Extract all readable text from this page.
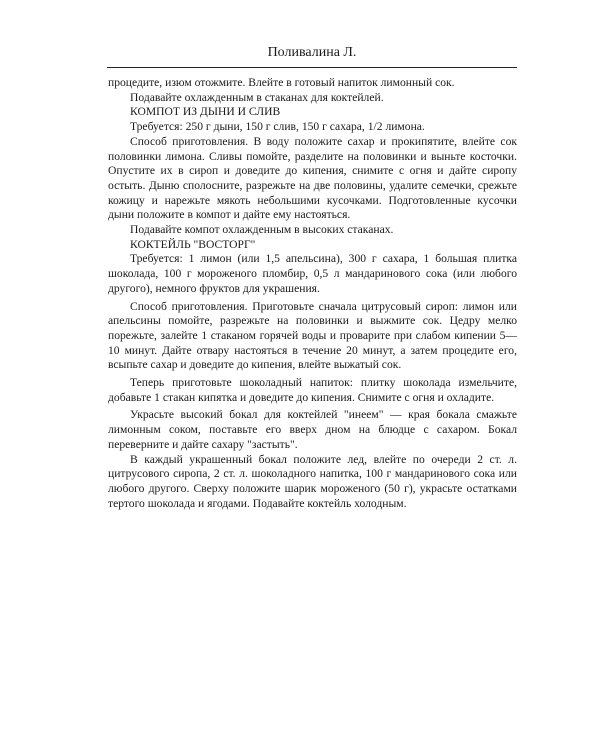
Поливалина Л.

процедите, изюм отожмите. Влейте в готовый напиток лимонный сок.

Подавайте охлажденным в стаканах для коктейлей.

КОМПОТ ИЗ ДЫНИ И СЛИВ

Требуется: 250 г дыни, 150 г слив, 150 г сахара, 1/2 лимона.

Способ приготовления. В воду положите сахар и прокипятите, влейте сок половинки лимона. Сливы помойте, разделите на половинки и выньте косточки. Опустите их в сироп и доведите до кипения, снимите с огня и дайте сиропу остыть. Дыню сполосните, разрежьте на две половины, удалите семечки, срежьте кожицу и нарежьте мякоть небольшими кусочками. Подготовленные кусочки дыни положите в компот и дайте ему настояться.

Подавайте компот охлажденным в высоких стаканах.

КОКТЕЙЛЬ "ВОСТОРГ"

Требуется: 1 лимон (или 1,5 апельсина), 300 г сахара, 1 большая плитка шоколада, 100 г мороженого пломбир, 0,5 л мандаринового сока (или любого другого), немного фруктов для украшения.

Способ приготовления. Приготовьте сначала цитрусовый сироп: лимон или апельсины помойте, разрежьте на половинки и выжмите сок. Цедру мелко порежьте, залейте 1 стаканом горячей воды и проварите при слабом кипении 5—10 минут. Дайте отвару настояться в течение 20 минут, а затем процедите его, всыпьте сахар и доведите до кипения, влейте выжатый сок.

Теперь приготовьте шоколадный напиток: плитку шоколада измельчите, добавьте 1 стакан кипятка и доведите до кипения. Снимите с огня и охладите.

Украсьте высокий бокал для коктейлей "инеем" — края бокала смажьте лимонным соком, поставьте его вверх дном на блюдце с сахаром. Бокал переверните и дайте сахару "застыть".

В каждый украшенный бокал положите лед, влейте по очереди 2 ст. л. цитрусового сиропа, 2 ст. л. шоколадного напитка, 100 г мандаринового сока или любого другого. Сверху положите шарик мороженого (50 г), украсьте остатками тертого шоколада и ягодами. Подавайте коктейль холодным.
